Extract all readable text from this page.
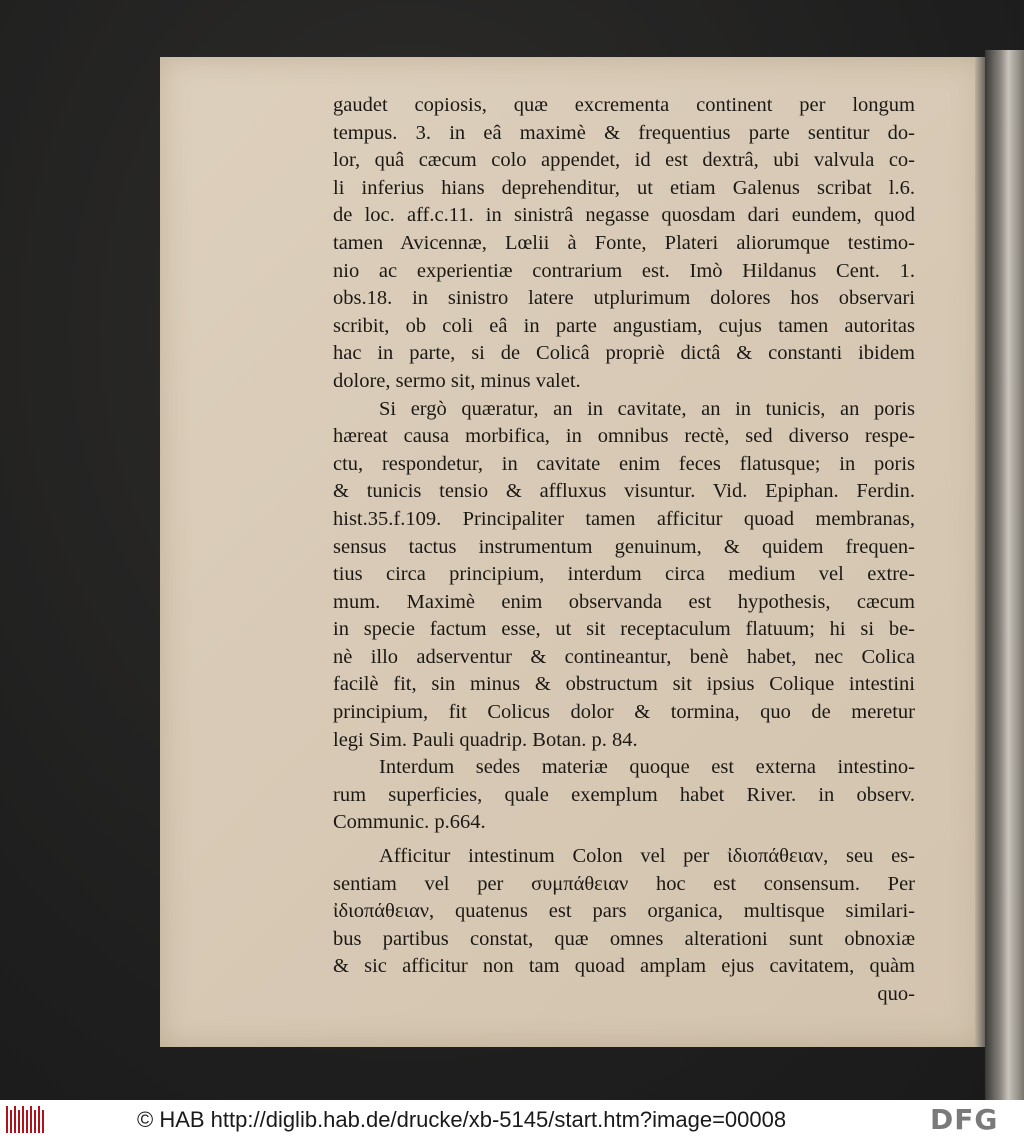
gaudet copiosis, quæ excrementa continent per longum
tempus. 3. in eâ maximè & frequentius parte sentitur do-
lor, quâ cæcum colo appendet, id est dextrâ, ubi valvula co-
li inferius hians deprehenditur, ut etiam Galenus scribat l.6.
de loc. aff.c.11. in sinistrâ negasse quosdam dari eundem, quod
tamen Avicennæ, Lœlii à Fonte, Plateri aliorumque testimo-
nio ac experientiæ contrarium est. Imò Hildanus Cent. 1.
obs.18. in sinistro latere utplurimum dolores hos observari
scribit, ob coli eâ in parte angustiam, cujus tamen autoritas
hac in parte, si de Colicâ propriè dictâ & constanti ibidem
dolore, sermo sit, minus valet.
Si ergò quæratur, an in cavitate, an in tunicis, an poris
hæreat causa morbifica, in omnibus rectè, sed diverso respe-
ctu, respondetur, in cavitate enim feces flatusque; in poris
& tunicis tensio & affluxus visuntur. Vid. Epiphan. Ferdin.
hist.35.f.109. Principaliter tamen afficitur quoad membranas,
sensus tactus instrumentum genuinum, & quidem frequen-
tius circa principium, interdum circa medium vel extre-
mum. Maximè enim observanda est hypothesis, cæcum
in specie factum esse, ut sit receptaculum flatuum; hi si be-
nè illo adserventur & contineantur, benè habet, nec Colica
facilè fit, sin minus & obstructum sit ipsius Colique intestini
principium, fit Colicus dolor & tormina, quo de meretur
legi Sim. Pauli quadrip. Botan. p. 84.
Interdum sedes materiæ quoque est externa intestino-
rum superficies, quale exemplum habet River. in observ.
Communic. p.664.
Afficitur intestinum Colon vel per ἰδιοπάθειαν, seu es-
sentiam vel per συμπάθειαν hoc est consensum. Per
ἰδιοπάθειαν, quatenus est pars organica, multisque similari-
bus partibus constat, quæ omnes alterationi sunt obnoxiæ
& sic afficitur non tam quoad amplam ejus cavitatem, quàm
quo-
© HAB http://diglib.hab.de/drucke/xb-5145/start.htm?image=00008	DFG
